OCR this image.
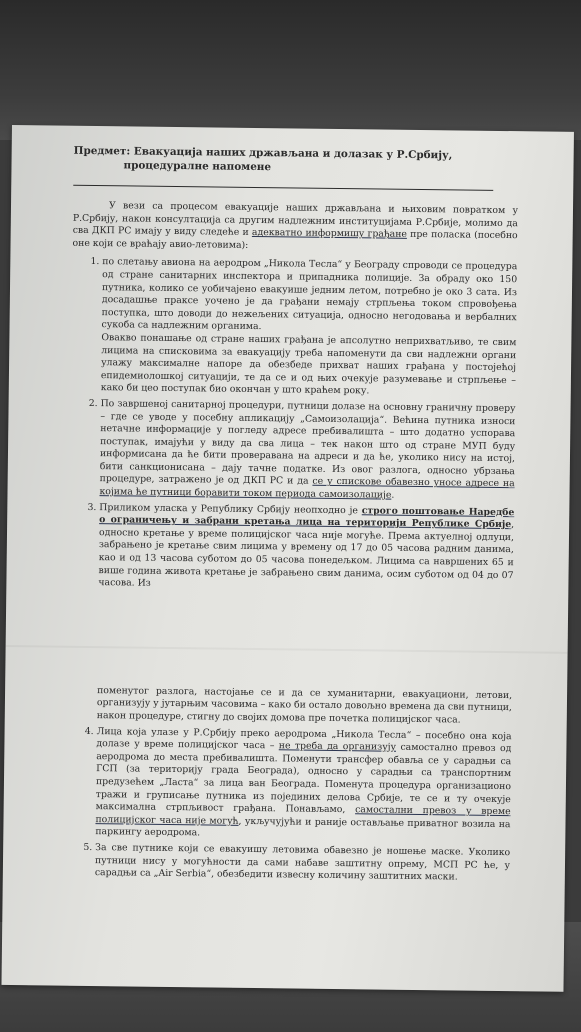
Предмет: Евакуација наших држављана и долазак у Р.Србију,
процедуралне напомене

У вези са процесом евакуације наших држављана и њиховим повратком у Р.Србију, након консултација са другим надлежним институцијама Р.Србије, молимо да сва ДКП РС имају у виду следеће и адекватно информишу грађане пре поласка (посебно оне који се враћају авио-летовима):

1. по слетању авиона на аеродром „Никола Тесла“ у Београду спроводи се процедура од стране санитарних инспектора и припадника полиције. За обраду око 150 путника, колико се уобичајено евакуише једним летом, потребно је око 3 сата. Из досадашње праксе уочено је да грађани немају стрпљења током спровођења поступка, што доводи до нежељених ситуација, односно негодовања и вербалних сукоба са надлежним органима.

Овакво понашање од стране наших грађана је апсолутно неприхватљиво, те свим лицима на списковима за евакуацију треба напоменути да сви надлежни органи улажу максималне напоре да обезбеде прихват наших грађана у постојећој епидемиолошкој ситуацији, те да се и од њих очекује разумевање и стрпљење – како би цео поступак био окончан у што краћем року.

2. По завршеној санитарној процедури, путници долазе на основну граничну проверу – где се уводе у посебну апликацију „Самоизолација“. Већина путника износи нетачне информације у погледу адресе пребивалишта – што додатно успорава поступак, имајући у виду да сва лица – тек након што од стране МУП буду информисана да ће бити проверавана на адреси и да ће, уколико нису на истој, бити санкционисана – дају тачне податке. Из овог разлога, односно убрзања процедуре, затражено је од ДКП РС и да се у спискове обавезно уносе адресе на којима ће путници боравити током периода самоизолације.

3. Приликом уласка у Републику Србију неопходно је строго поштовање Наредбе о ограничењу и забрани кретања лица на територији Републике Србије, односно кретање у време полицијског часа није могуће. Према актуелној одлуци, забрањено је кретање свим лицима у времену од 17 до 05 часова радним данима, као и од 13 часова суботом до 05 часова понедељком. Лицима са навршених 65 и више година живота кретање је забрањено свим данима, осим суботом од 04 до 07 часова. Из

поменутог разлога, настојање се и да се хуманитарни, евакуациони, летови, организују у јутарњим часовима – како би остало довољно времена да сви путници, након процедуре, стигну до својих домова пре почетка полицијског часа.

4. Лица која улазе у Р.Србију преко аеродрома „Никола Тесла“ – посебно она која долазе у време полицијског часа – не треба да организују самостално превоз од аеродрома до места пребивалишта. Поменути трансфер обавља се у сарадњи са ГСП (за територију града Београда), односно у сарадњи са транспортним предузећем „Ласта“ за лица ван Београда. Поменута процедура организационо тражи и груписање путника из појединих делова Србије, те се и ту очекује максимална стрпљивост грађана. Понављамо, самостални превоз у време полицијског часа није могућ, укључујући и раније остављање приватног возила на паркингу аеродрома.

5. За све путнике који се евакуишу летовима обавезно је ношење маске. Уколико путници нису у могућности да сами набаве заштитну опрему, МСП РС ће, у сарадњи са „Air Serbia“, обезбедити извесну количину заштитних маски.
